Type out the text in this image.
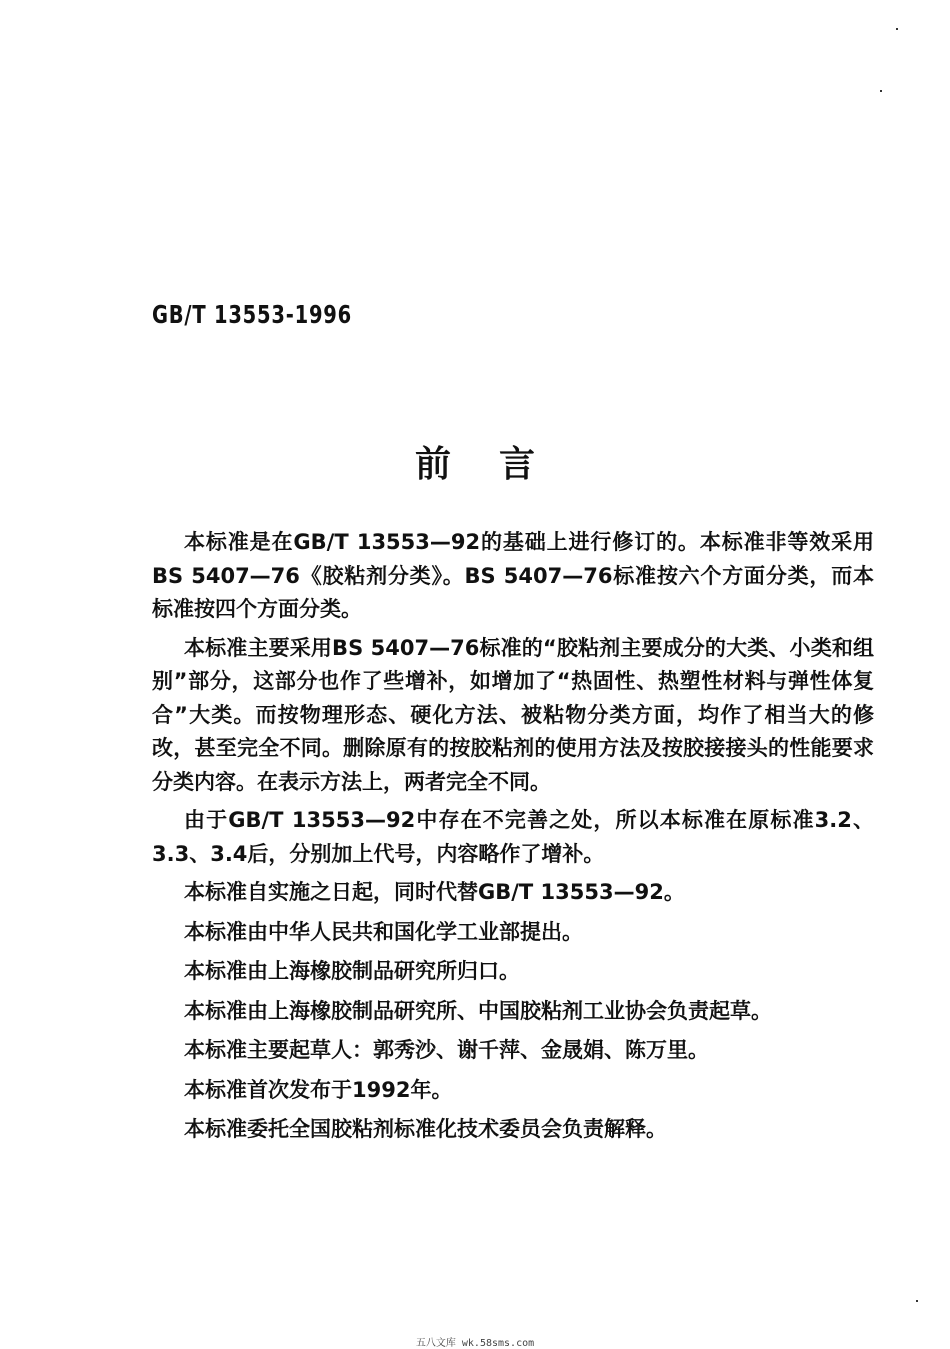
GB/T 13553-1996
前言

本标准是在GB/T 13553—92的基础上进行修订的。本标准非等效采用BS 5407—76《胶粘剂分类》。BS 5407—76标准按六个方面分类，而本标准按四个方面分类。

本标准主要采用BS 5407—76标准的“胶粘剂主要成分的大类、小类和组别”部分，这部分也作了些增补，如增加了“热固性、热塑性材料与弹性体复合”大类。而按物理形态、硬化方法、被粘物分类方面，均作了相当大的修改，甚至完全不同。删除原有的按胶粘剂的使用方法及按胶接接头的性能要求分类内容。在表示方法上，两者完全不同。

由于GB/T 13553—92中存在不完善之处，所以本标准在原标准3.2、3.3、3.4后，分别加上代号，内容略作了增补。

本标准自实施之日起，同时代替GB/T 13553—92。

本标准由中华人民共和国化学工业部提出。

本标准由上海橡胶制品研究所归口。

本标准由上海橡胶制品研究所、中国胶粘剂工业协会负责起草。

本标准主要起草人：郭秀沙、谢千萍、金晟娟、陈万里。

本标准首次发布于1992年。

本标准委托全国胶粘剂标准化技术委员会负责解释。

五八文库 wk.58sms.com
